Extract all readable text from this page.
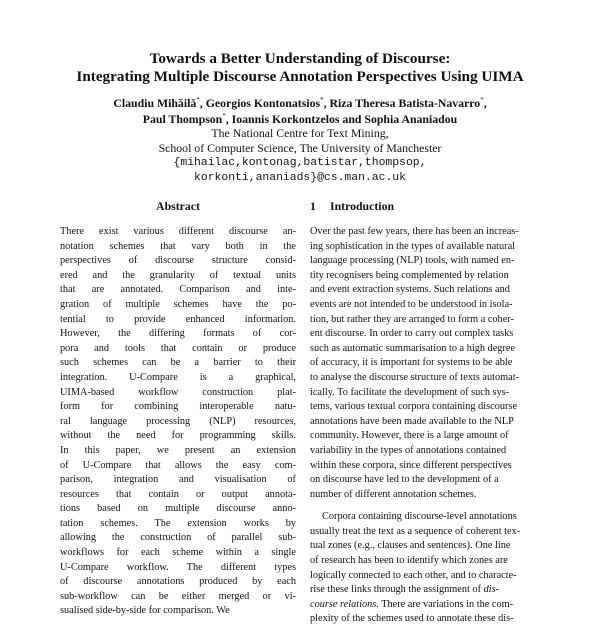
Towards a Better Understanding of Discourse:
Integrating Multiple Discourse Annotation Perspectives Using UIMA
Claudiu Mihăilă*, Georgios Kontonatsios*, Riza Theresa Batista-Navarro*,
Paul Thompson*, Ioannis Korkontzelos and Sophia Ananiadou
The National Centre for Text Mining,
School of Computer Science, The University of Manchester
{mihailac,kontonag,batistar,thompsop,
korkonti,ananiads}@cs.man.ac.uk
Abstract
There exist various different discourse an-
notation schemes that vary both in the
perspectives of discourse structure consid-
ered and the granularity of textual units
that are annotated. Comparison and inte-
gration of multiple schemes have the po-
tential to provide enhanced information.
However, the differing formats of cor-
pora and tools that contain or produce
such schemes can be a barrier to their
integration. U-Compare is a graphical,
UIMA-based workflow construction plat-
form for combining interoperable natu-
ral language processing (NLP) resources,
without the need for programming skills.
In this paper, we present an extension
of U-Compare that allows the easy com-
parison, integration and visualisation of
resources that contain or output annota-
tions based on multiple discourse anno-
tation schemes. The extension works by
allowing the construction of parallel sub-
workflows for each scheme within a single
U-Compare workflow. The different types
of discourse annotations produced by each
sub-workflow can be either merged or vi-
sualised side-by-side for comparison. We
1 Introduction
Over the past few years, there has been an increas-
ing sophistication in the types of available natural
language processing (NLP) tools, with named en-
tity recognisers being complemented by relation
and event extraction systems. Such relations and
events are not intended to be understood in isola-
tion, but rather they are arranged to form a coher-
ent discourse. In order to carry out complex tasks
such as automatic summarisation to a high degree
of accuracy, it is important for systems to be able
to analyse the discourse structure of texts automat-
ically. To facilitate the development of such sys-
tems, various textual corpora containing discourse
annotations have been made available to the NLP
community. However, there is a large amount of
variability in the types of annotations contained
within these corpora, since different perspectives
on discourse have led to the development of a
number of different annotation schemes.
Corpora containing discourse-level annotations
usually treat the text as a sequence of coherent tex-
tual zones (e.g., clauses and sentences). One line
of research has been to identify which zones are
logically connected to each other, and to characte-
rise these links through the assignment of dis-
course relations. There are variations in the com-
plexity of the schemes used to annotate these dis-
